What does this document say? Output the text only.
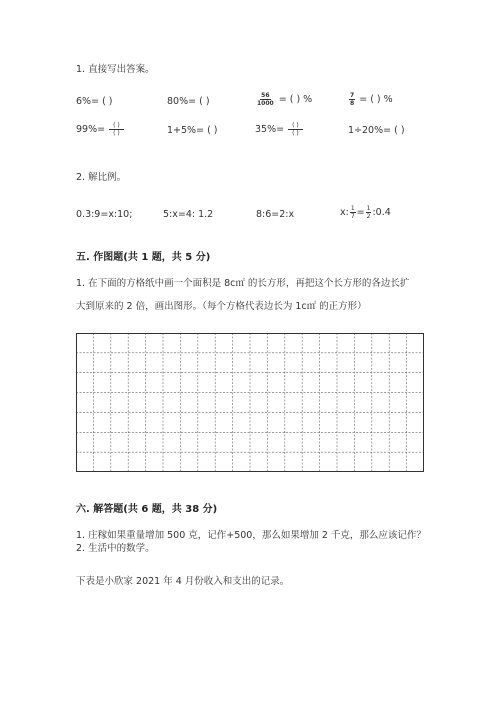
1. 直接写出答案。
6%= ( )	80%= ( )	$\frac{56}{1000}$ = ( ) %	$\frac{7}{8}$ = ( ) %
$99\%= \frac{( )}{( )}$	1+5%= ( )	$35\%= \frac{( )}{( )}$	1÷20%= ( )
2. 解比例。
0.3:9=x:10;	5:x=4: 1.2	8:6=2:x	x: $\frac{1}{7} = \frac{1}{2}$ :0.4
五. 作图题(共 1 题，共 5 分)
1. 在下面的方格纸中画一个面积是 8c㎡ 的长方形，再把这个长方形的各边长扩
大到原来的 2 倍，画出图形。（每个方格代表边长为 1c㎡ 的正方形）
六. 解答题(共 6 题，共 38 分)
1. 庄稼如果重量增加 500 克，记作+500，那么如果增加 2 千克，那么应该记作？
2. 生活中的数学。
下表是小欣家 2021 年 4 月份收入和支出的记录。
